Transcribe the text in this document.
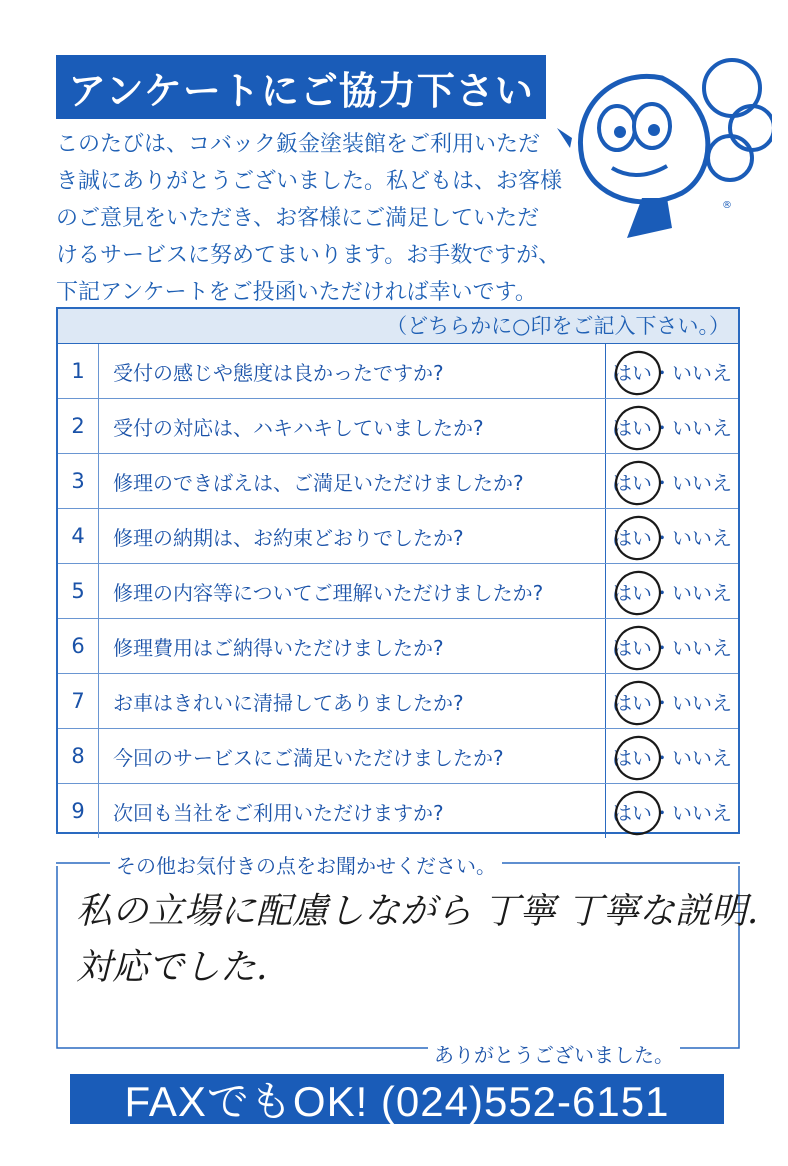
アンケートにご協力下さい
®
このたびは、コバック鈑金塗装館をご利用いただ
き誠にありがとうございました。私どもは、お客様
のご意見をいただき、お客様にご満足していただ
けるサービスに努めてまいります。お手数ですが、
下記アンケートをご投函いただければ幸いです。
（どちらかに○印をご記入下さい。）
1	受付の感じや態度は良かったですか?	はい・いいえ
2	受付の対応は、ハキハキしていましたか?	はい・いいえ
3	修理のできばえは、ご満足いただけましたか?	はい・いいえ
4	修理の納期は、お約束どおりでしたか?	はい・いいえ
5	修理の内容等についてご理解いただけましたか?	はい・いいえ
6	修理費用はご納得いただけましたか?	はい・いいえ
7	お車はきれいに清掃してありましたか?	はい・いいえ
8	今回のサービスにご満足いただけましたか?	はい・いいえ
9	次回も当社をご利用いただけますか?	はい・いいえ
その他お気付きの点をお聞かせください。
私の立場に配慮しながら 丁寧 丁寧な説明.
対応でした.
ありがとうございました。
FAXでもOK! (024)552-6151
